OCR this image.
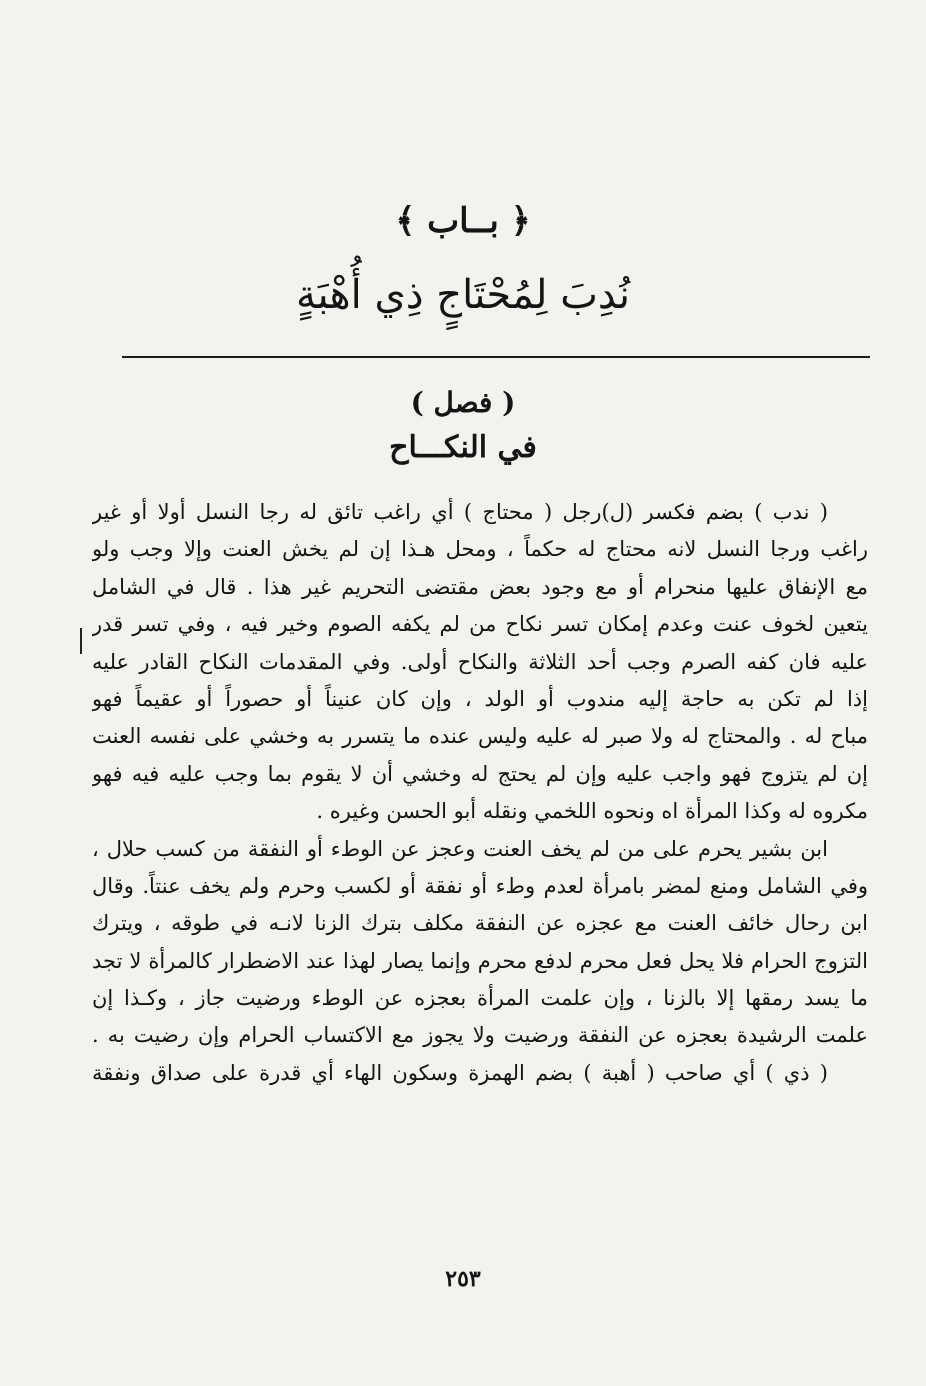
﴿ بــاب ﴾
نُدِبَ لِمُحْتَاجٍ ذِي أُهْبَةٍ
( فصل )
في النكـــاح
( ندب ) بضم فكسر (ل)رجل ( محتاج ) أي راغب تائق له رجا النسل أولا أو غير
راغب ورجا النسل لانه محتاج له حكماً ، ومحل هـذا إن لم يخش العنت وإلا وجب ولو
مع الإنفاق عليها منحرام أو مع وجود بعض مقتضى التحريم غير هذا . قال في الشامل
يتعين لخوف عنت وعدم إمكان تسر نكاح من لم يكفه الصوم وخير فيه ، وفي تسر قدر
عليه فان كفه الصرم وجب أحد الثلاثة والنكاح أولى. وفي المقدمات النكاح القادر عليه
إذا لم تكن به حاجة إليه مندوب أو الولد ، وإن كان عنيناً أو حصوراً أو عقيماً فهو
مباح له . والمحتاج له ولا صبر له عليه وليس عنده ما يتسرر به وخشي على نفسه العنت
إن لم يتزوج فهو واجب عليه وإن لم يحتج له وخشي أن لا يقوم بما وجب عليه فيه فهو
مكروه له وكذا المرأة اه ونحوه اللخمي ونقله أبو الحسن وغيره .
ابن بشير يحرم على من لم يخف العنت وعجز عن الوطء أو النفقة من كسب حلال ،
وفي الشامل ومنع لمضر بامرأة لعدم وطء أو نفقة أو لكسب وحرم ولم يخف عنتاً. وقال
ابن رحال خائف العنت مع عجزه عن النفقة مكلف بترك الزنا لانـه في طوقه ، ويترك
التزوج الحرام فلا يحل فعل محرم لدفع محرم وإنما يصار لهذا عند الاضطرار كالمرأة لا تجد
ما يسد رمقها إلا بالزنا ، وإن علمت المرأة بعجزه عن الوطء ورضيت جاز ، وكـذا إن
علمت الرشيدة بعجزه عن النفقة ورضيت ولا يجوز مع الاكتساب الحرام وإن رضيت به .
( ذي ) أي صاحب ( أهبة ) بضم الهمزة وسكون الهاء أي قدرة على صداق ونفقة
٢٥٣
